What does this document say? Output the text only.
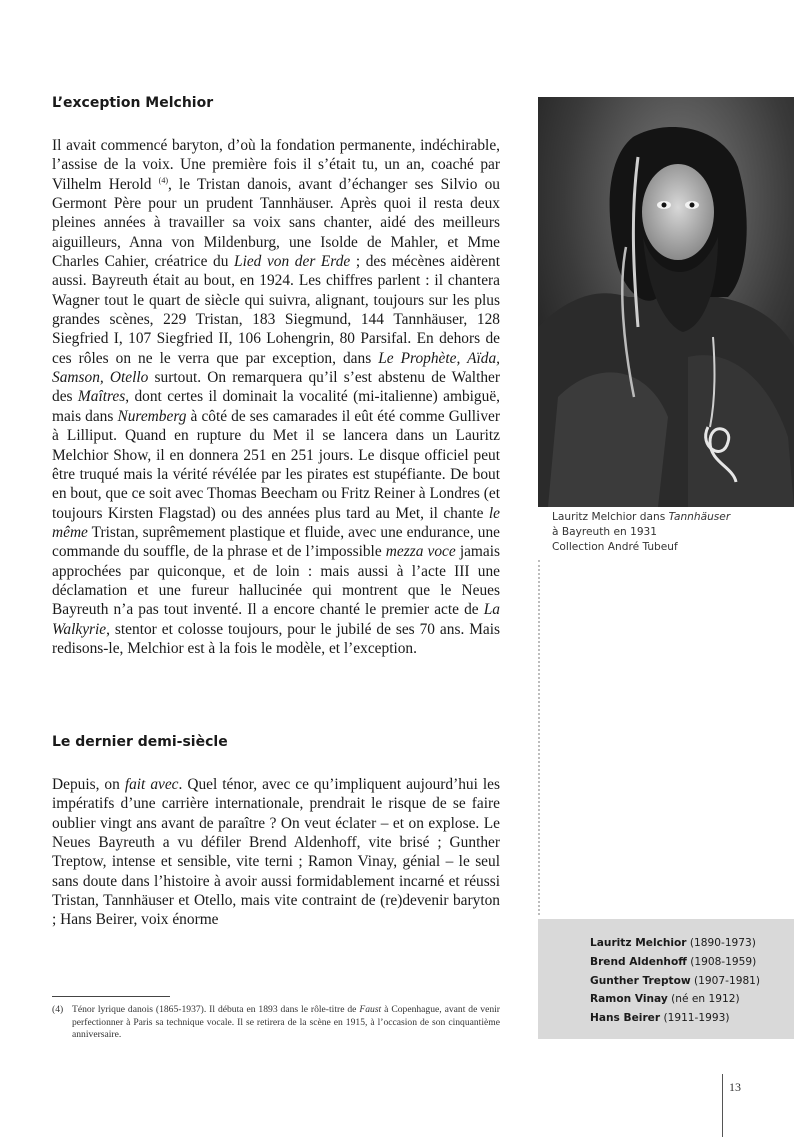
L’exception Melchior

Il avait commencé baryton, d’où la fondation permanente, indéchirable, l’assise de la voix. Une première fois il s’était tu, un an, coaché par Vilhelm Herold $^{(4)}$, le Tristan danois, avant d’échanger ses Silvio ou Germont Père pour un prudent Tannhäuser. Après quoi il resta deux pleines années à travailler sa voix sans chanter, aidé des meilleurs aiguilleurs, Anna von Mildenburg, une Isolde de Mahler, et Mme Charles Cahier, créatrice du Lied von der Erde ; des mécènes aidèrent aussi. Bayreuth était au bout, en 1924. Les chiffres parlent : il chantera Wagner tout le quart de siècle qui suivra, alignant, toujours sur les plus grandes scènes, 229 Tristan, 183 Siegmund, 144 Tannhäuser, 128 Siegfried I, 107 Siegfried II, 106 Lohengrin, 80 Parsifal. En dehors de ces rôles on ne le verra que par exception, dans Le Prophète, Aïda, Samson, Otello surtout. On remarquera qu’il s’est abstenu de Walther des Maîtres, dont certes il dominait la vocalité (mi-italienne) ambiguë, mais dans Nuremberg à côté de ses camarades il eût été comme Gulliver à Lilliput. Quand en rupture du Met il se lancera dans un Lauritz Melchior Show, il en donnera 251 en 251 jours. Le disque officiel peut être truqué mais la vérité révélée par les pirates est stupéfiante. De bout en bout, que ce soit avec Thomas Beecham ou Fritz Reiner à Londres (et toujours Kirsten Flagstad) ou des années plus tard au Met, il chante le même Tristan, suprêmement plastique et fluide, avec une endurance, une commande du souffle, de la phrase et de l’impossible mezza voce jamais approchées par quiconque, et de loin : mais aussi à l’acte III une déclamation et une fureur hallucinée qui montrent que le Neues Bayreuth n’a pas tout inventé. Il a encore chanté le premier acte de La Walkyrie, stentor et colosse toujours, pour le jubilé de ses 70 ans. Mais redisons-le, Melchior est à la fois le modèle, et l’exception.

Le dernier demi-siècle

Depuis, on fait avec. Quel ténor, avec ce qu’impliquent aujourd’hui les impératifs d’une carrière internationale, prendrait le risque de se faire oublier vingt ans avant de paraître ? On veut éclater – et on explose. Le Neues Bayreuth a vu défiler Brend Aldenhoff, vite brisé ; Gunther Treptow, intense et sensible, vite terni ; Ramon Vinay, génial – le seul sans doute dans l’histoire à avoir aussi formidablement incarné et réussi Tristan, Tannhäuser et Otello, mais vite contraint de (re)devenir baryton ; Hans Beirer, voix énorme

(4) Ténor lyrique danois (1865-1937). Il débuta en 1893 dans le rôle-titre de Faust à Copenhague, avant de venir perfectionner à Paris sa technique vocale. Il se retirera de la scène en 1915, à l’occasion de son cinquantième anniversaire.

Lauritz Melchior dans Tannhäuser
à Bayreuth en 1931
Collection André Tubeuf

Lauritz Melchior (1890-1973)
Brend Aldenhoff (1908-1959)
Gunther Treptow (1907-1981)
Ramon Vinay (né en 1912)
Hans Beirer (1911-1993)

13
